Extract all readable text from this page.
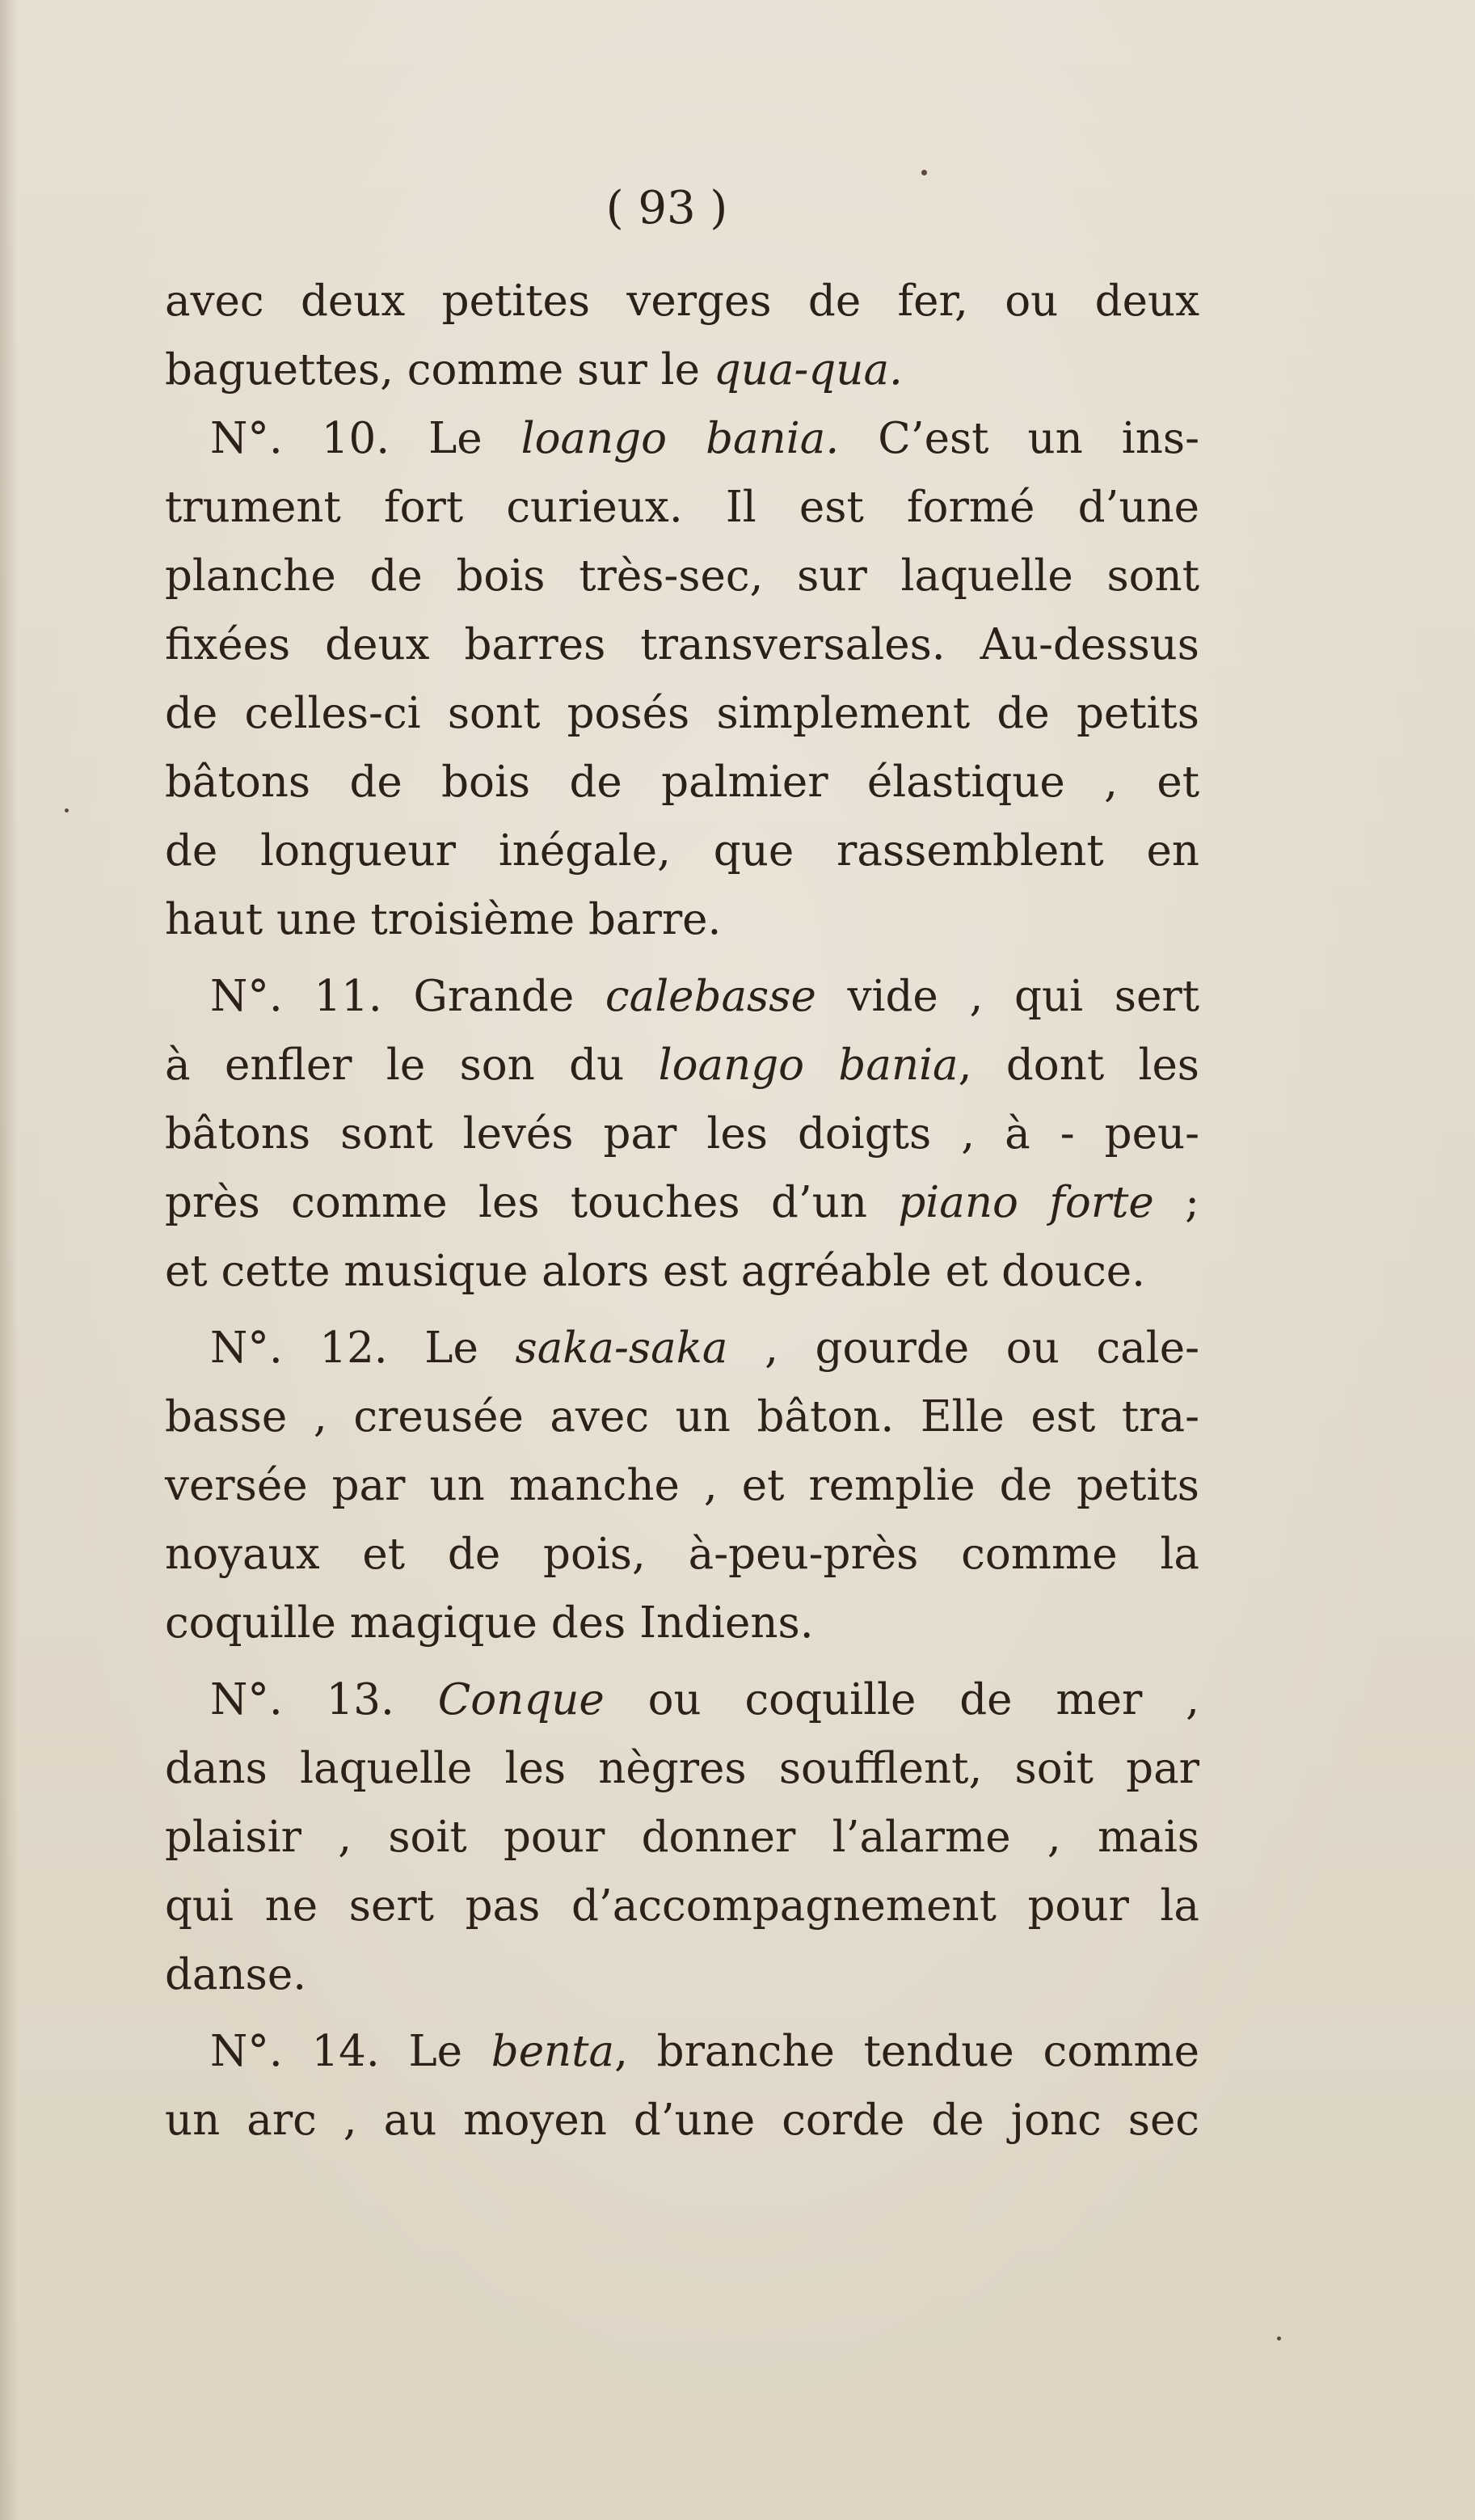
( 93 )
avec deux petites verges de fer, ou deux
baguettes, comme sur le qua-qua.
N°. 10. Le loango bania. C’est un ins-
trument fort curieux. Il est formé d’une
planche de bois très-sec, sur laquelle sont
fixées deux barres transversales. Au-dessus
de celles-ci sont posés simplement de petits
bâtons de bois de palmier élastique , et
de longueur inégale, que rassemblent en
haut une troisième barre.
N°. 11. Grande calebasse vide , qui sert
à enfler le son du loango bania, dont les
bâtons sont levés par les doigts , à - peu-
près comme les touches d’un piano forte ;
et cette musique alors est agréable et douce.
N°. 12. Le saka-saka , gourde ou cale-
basse , creusée avec un bâton. Elle est tra-
versée par un manche , et remplie de petits
noyaux et de pois, à-peu-près comme la
coquille magique des Indiens.
N°. 13. Conque ou coquille de mer ,
dans laquelle les nègres soufflent, soit par
plaisir , soit pour donner l’alarme , mais
qui ne sert pas d’accompagnement pour la
danse.
N°. 14. Le benta, branche tendue comme
un arc , au moyen d’une corde de jonc sec
